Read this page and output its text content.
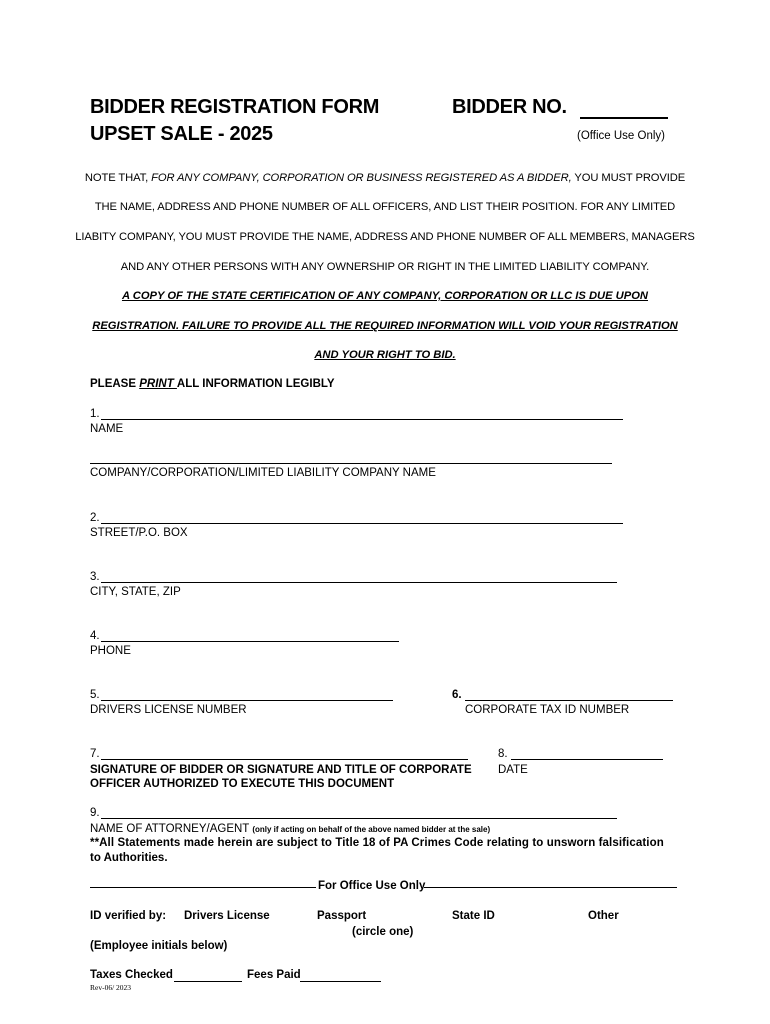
BIDDER REGISTRATION FORM
UPSET SALE - 2025
BIDDER NO.
(Office Use Only)
NOTE THAT, FOR ANY COMPANY, CORPORATION OR BUSINESS REGISTERED AS A BIDDER, YOU MUST PROVIDE
THE NAME, ADDRESS AND PHONE NUMBER OF ALL OFFICERS, AND LIST THEIR POSITION. FOR ANY LIMITED
LIABITY COMPANY, YOU MUST PROVIDE THE NAME, ADDRESS AND PHONE NUMBER OF ALL MEMBERS, MANAGERS
AND ANY OTHER PERSONS WITH ANY OWNERSHIP OR RIGHT IN THE LIMITED LIABILITY COMPANY.
A COPY OF THE STATE CERTIFICATION OF ANY COMPANY, CORPORATION OR LLC IS DUE UPON
REGISTRATION. FAILURE TO PROVIDE ALL THE REQUIRED INFORMATION WILL VOID YOUR REGISTRATION
AND YOUR RIGHT TO BID.
PLEASE PRINT ALL INFORMATION LEGIBLY
1.
NAME
COMPANY/CORPORATION/LIMITED LIABILITY COMPANY NAME
2.
STREET/P.O. BOX
3.
CITY, STATE, ZIP
4.
PHONE
5.
DRIVERS LICENSE NUMBER
6.
CORPORATE TAX ID NUMBER
7.
SIGNATURE OF BIDDER OR SIGNATURE AND TITLE OF CORPORATE
OFFICER AUTHORIZED TO EXECUTE THIS DOCUMENT
8.
DATE
9.
NAME OF ATTORNEY/AGENT (only if acting on behalf of the above named bidder at the sale)
**All Statements made herein are subject to Title 18 of PA Crimes Code relating to unsworn falsification
to Authorities.
For Office Use Only
ID verified by: Drivers License	Passport	State ID	Other
(circle one)
(Employee initials below)
Taxes Checked	Fees Paid
Rev-06/ 2023
